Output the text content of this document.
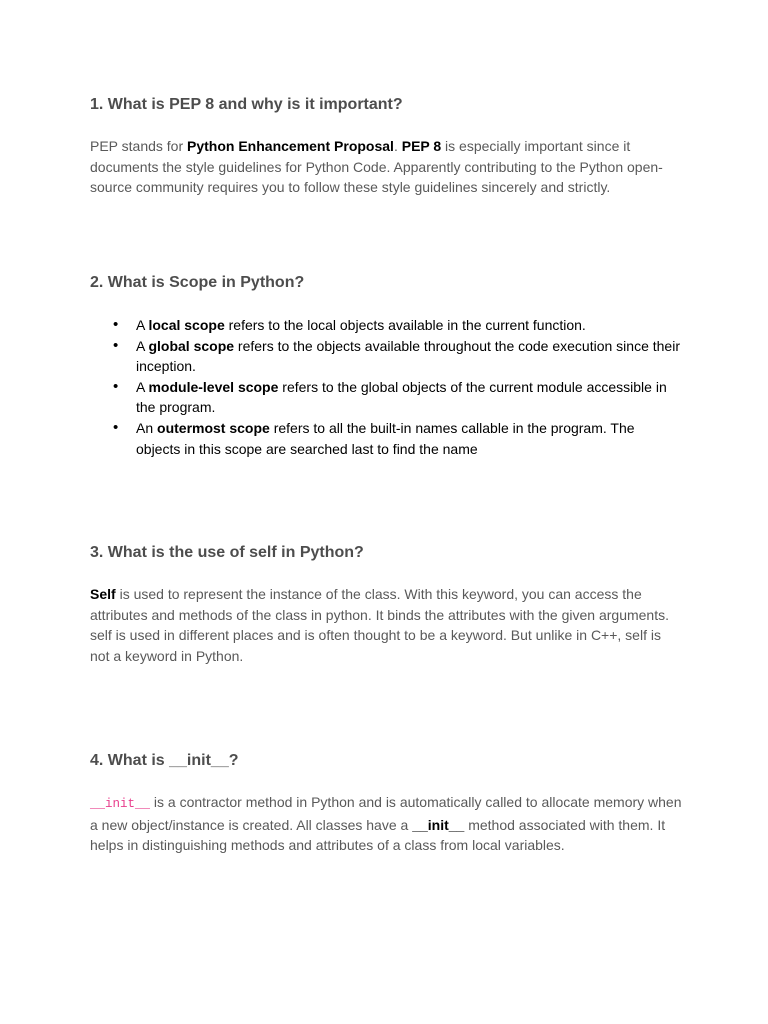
1. What is PEP 8 and why is it important?

PEP stands for Python Enhancement Proposal. PEP 8 is especially important since it documents the style guidelines for Python Code. Apparently contributing to the Python open-source community requires you to follow these style guidelines sincerely and strictly.

2. What is Scope in Python?
• A local scope refers to the local objects available in the current function.
• A global scope refers to the objects available throughout the code execution since their inception.
• A module-level scope refers to the global objects of the current module accessible in the program.
• An outermost scope refers to all the built-in names callable in the program. The objects in this scope are searched last to find the name
3. What is the use of self in Python?

Self is used to represent the instance of the class. With this keyword, you can access the attributes and methods of the class in python. It binds the attributes with the given arguments. self is used in different places and is often thought to be a keyword. But unlike in C++, self is not a keyword in Python.

4. What is __init__?

__init__ is a contractor method in Python and is automatically called to allocate memory when a new object/instance is created. All classes have a __init__ method associated with them. It helps in distinguishing methods and attributes of a class from local variables.
